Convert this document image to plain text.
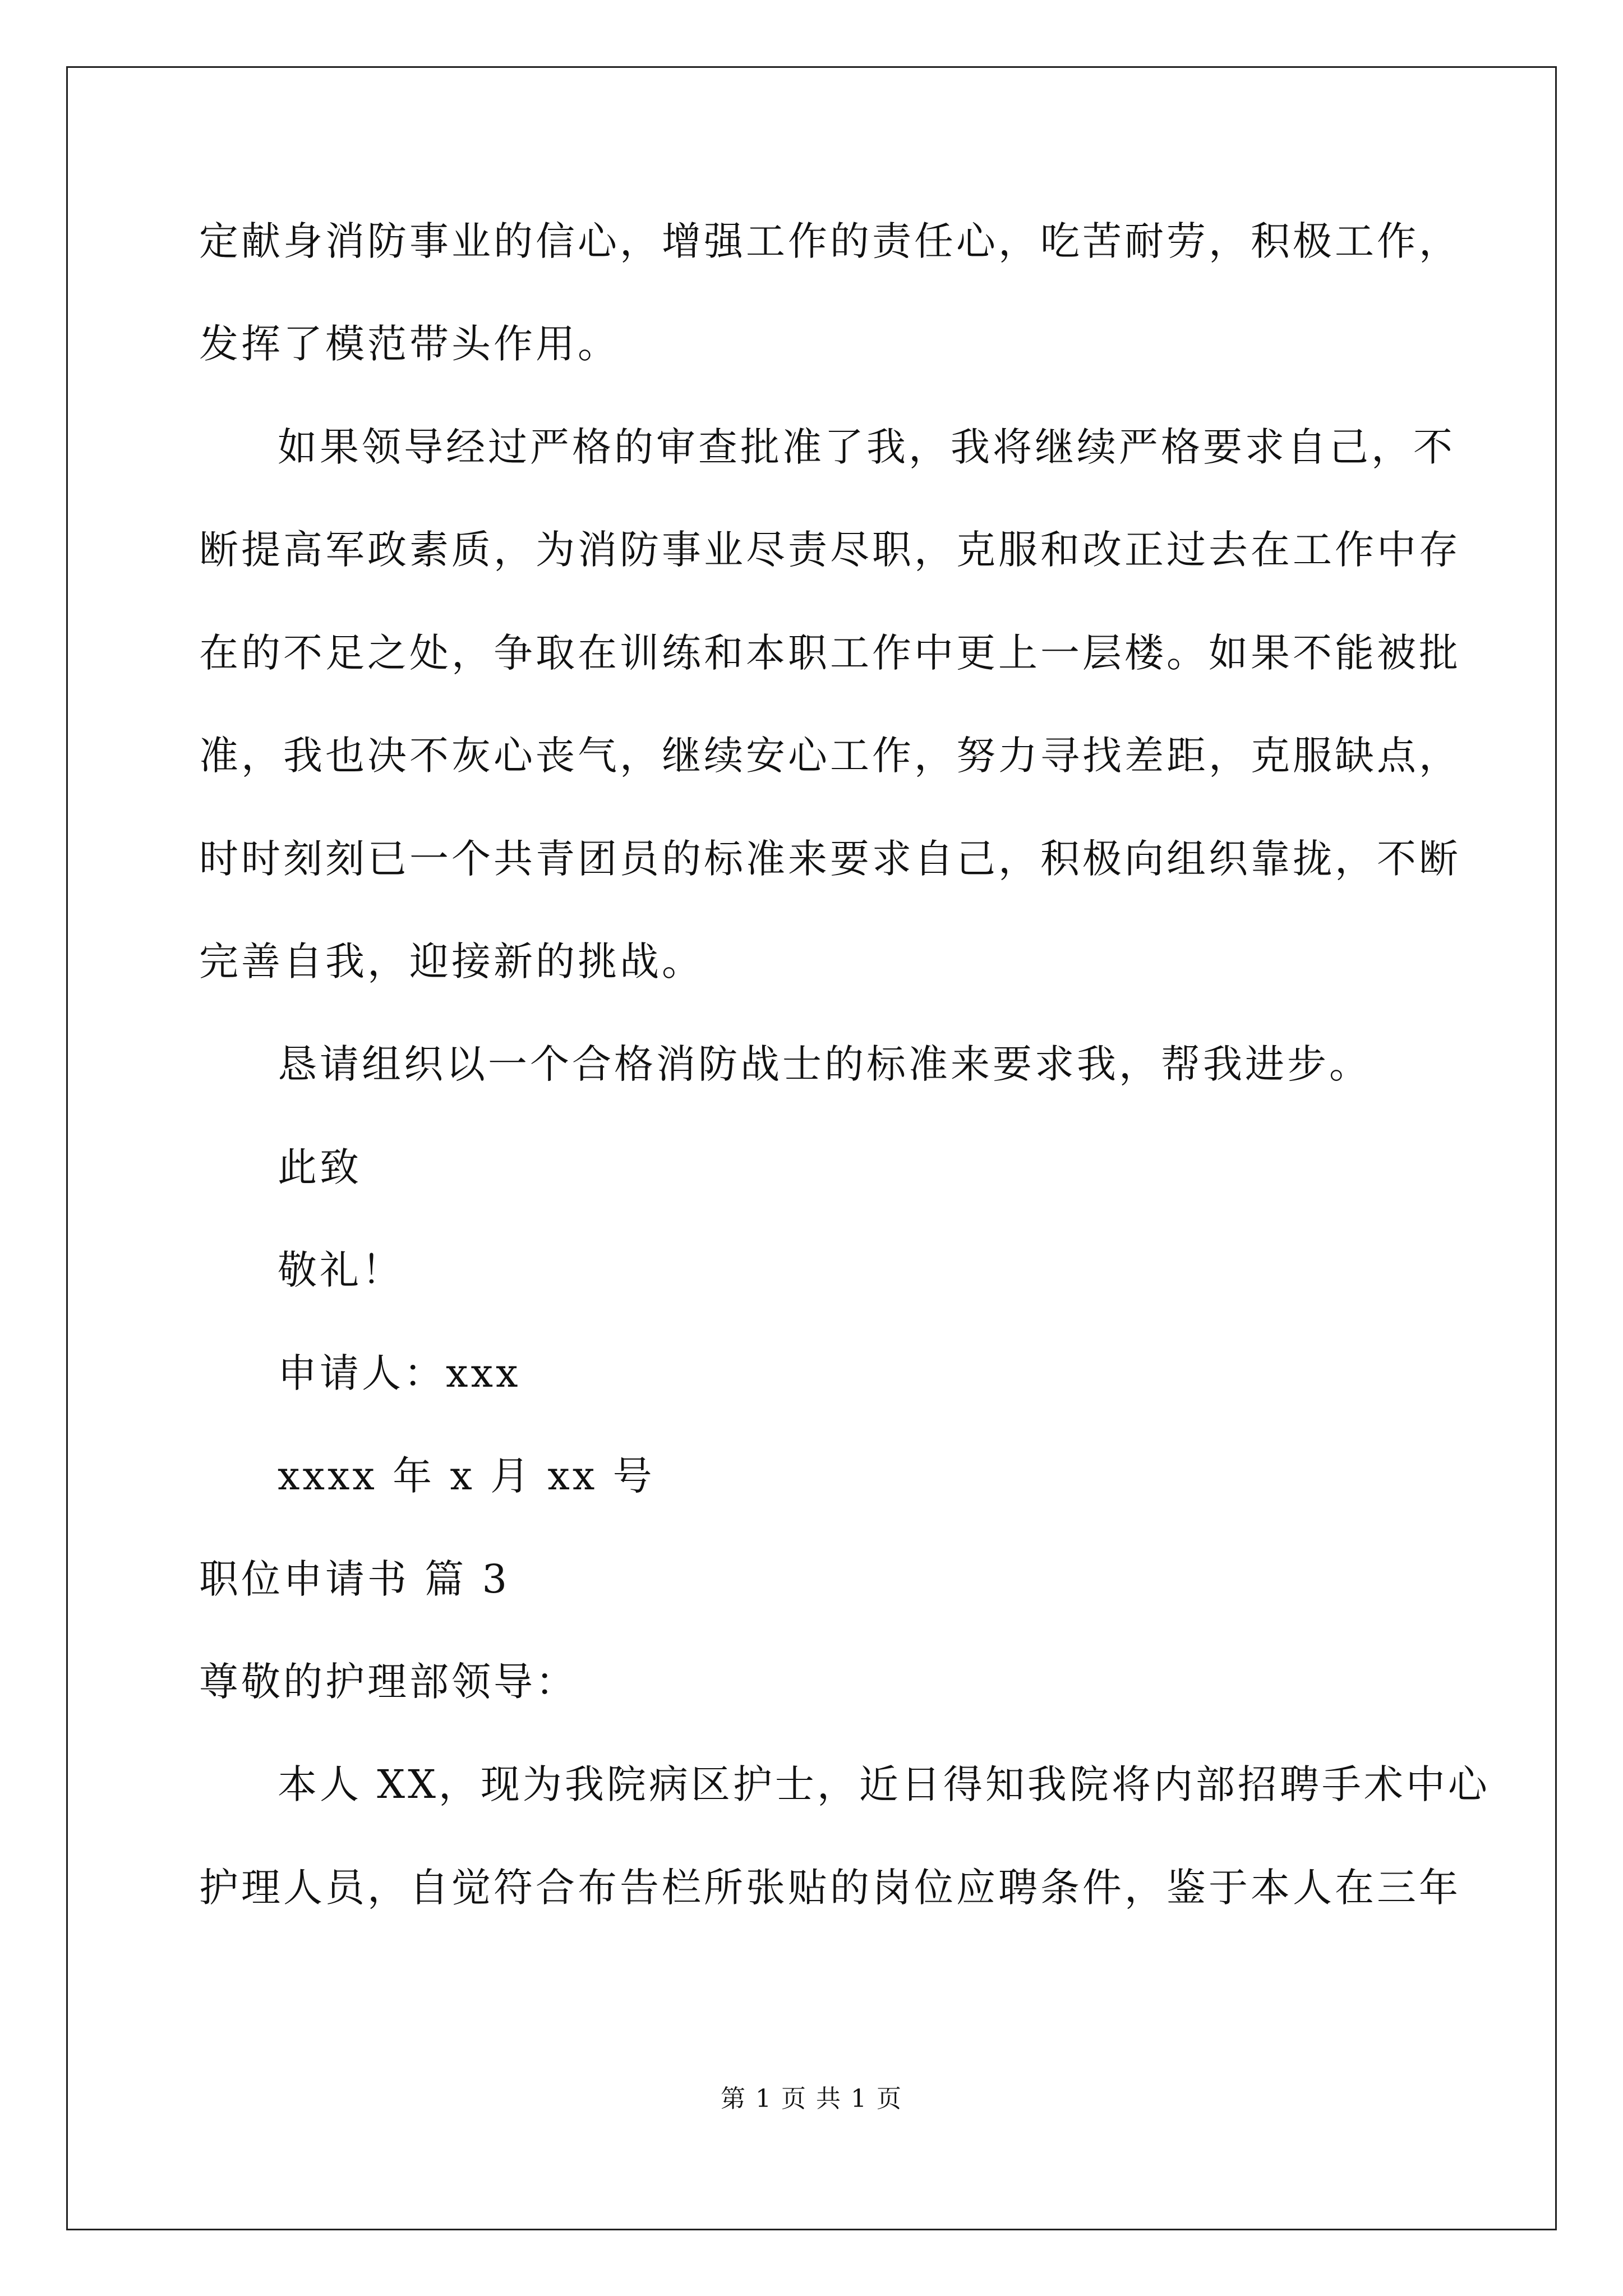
定献身消防事业的信心，增强工作的责任心，吃苦耐劳，积极工作，
发挥了模范带头作用。
如果领导经过严格的审查批准了我，我将继续严格要求自己，不
断提高军政素质，为消防事业尽责尽职，克服和改正过去在工作中存
在的不足之处，争取在训练和本职工作中更上一层楼。如果不能被批
准，我也决不灰心丧气，继续安心工作，努力寻找差距，克服缺点，
时时刻刻已一个共青团员的标准来要求自己，积极向组织靠拢，不断
完善自我，迎接新的挑战。
恳请组织以一个合格消防战士的标准来要求我，帮我进步。
此致
敬礼！
申请人：xxx
xxxx 年 x 月 xx 号
职位申请书 篇 3
尊敬的护理部领导：
本人 XX，现为我院病区护士，近日得知我院将内部招聘手术中心
护理人员，自觉符合布告栏所张贴的岗位应聘条件，鉴于本人在三年
第 1 页 共 1 页
